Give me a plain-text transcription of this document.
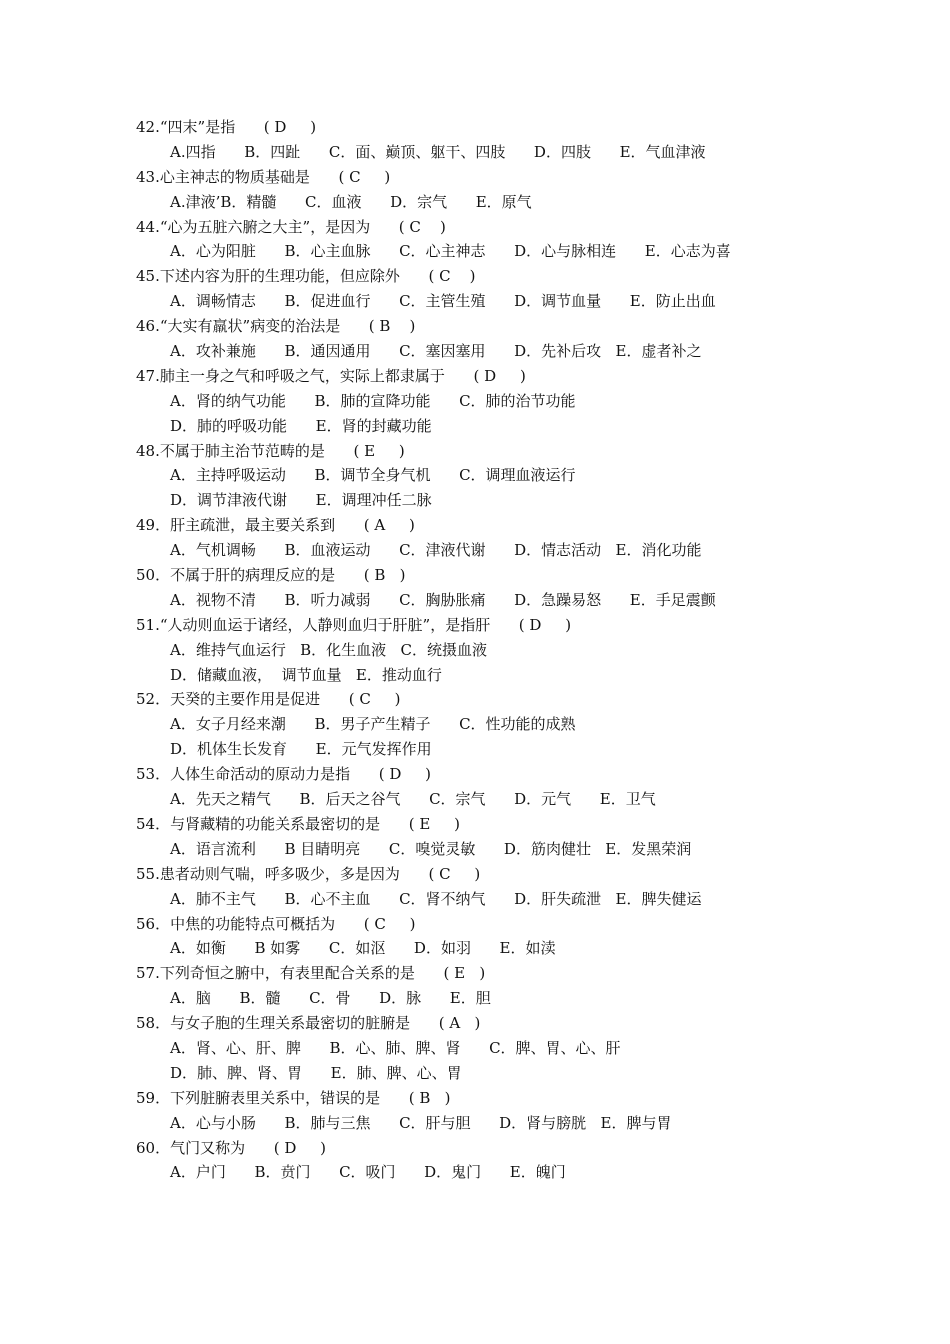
42.“四末”是指      ( D     )
A.四指      B．四趾      C．面、巅顶、躯干、四肢      D．四肢      E．气血津液
43.心主神志的物质基础是      ( C     )
A.津液’B．精髓      C．血液      D．宗气      E．原气
44.“心为五脏六腑之大主”，是因为      ( C    )
A．心为阳脏      B．心主血脉      C．心主神志      D．心与脉相连      E．心志为喜
45.下述内容为肝的生理功能，但应除外      ( C    )
A．调畅情志      B．促进血行      C．主管生殖      D．调节血量      E．防止出血
46.“大实有羸状”病变的治法是      ( B    )
A．攻补兼施      B．通因通用      C．塞因塞用      D．先补后攻   E．虚者补之
47.肺主一身之气和呼吸之气，实际上都隶属于      ( D     )
A．肾的纳气功能      B．肺的宣降功能      C．肺的治节功能
D．肺的呼吸功能      E．肾的封藏功能
48.不属于肺主治节范畴的是      ( E     )
A．主持呼吸运动      B．调节全身气机      C．调理血液运行
D．调节津液代谢      E．调理冲任二脉
49．肝主疏泄，最主要关系到      ( A     )
A．气机调畅      B．血液运动      C．津液代谢      D．情志活动   E．消化功能
50．不属于肝的病理反应的是      ( B   )
A．视物不清      B．听力减弱      C．胸胁胀痛      D．急躁易怒      E．手足震颤
51.“人动则血运于诸经，人静则血归于肝脏”，是指肝      ( D     )
A．维持气血运行   B．化生血液   C．统摄血液
D．储藏血液，  调节血量   E．推动血行
52．天癸的主要作用是促进      ( C     )
A．女子月经来潮      B．男子产生精子      C．性功能的成熟
D．机体生长发育      E．元气发挥作用
53．人体生命活动的原动力是指      ( D     )
A．先天之精气      B．后天之谷气      C．宗气      D．元气      E．卫气
54．与肾藏精的功能关系最密切的是      ( E     )
A．语言流利      B 目睛明亮      C．嗅觉灵敏      D．筋肉健壮   E．发黑荣润
55.患者动则气喘，呼多吸少，多是因为      ( C     )
A．肺不主气      B．心不主血      C．肾不纳气      D．肝失疏泄   E．脾失健运
56．中焦的功能特点可概括为      ( C     )
A．如衡      B 如雾      C．如沤      D．如羽      E．如渎
57.下列奇恒之腑中，有表里配合关系的是      ( E   )
A．脑      B．髓      C．骨      D．脉      E．胆
58．与女子胞的生理关系最密切的脏腑是      ( A   )
A．肾、心、肝、脾      B．心、肺、脾、肾      C．脾、胃、心、肝
D．肺、脾、肾、胃      E．肺、脾、心、胃
59．下列脏腑表里关系中，错误的是      ( B   )
A．心与小肠      B．肺与三焦      C．肝与胆      D．肾与膀胱   E．脾与胃
60．气门又称为      ( D     )
A．户门      B．贲门      C．吸门      D．鬼门      E．魄门
